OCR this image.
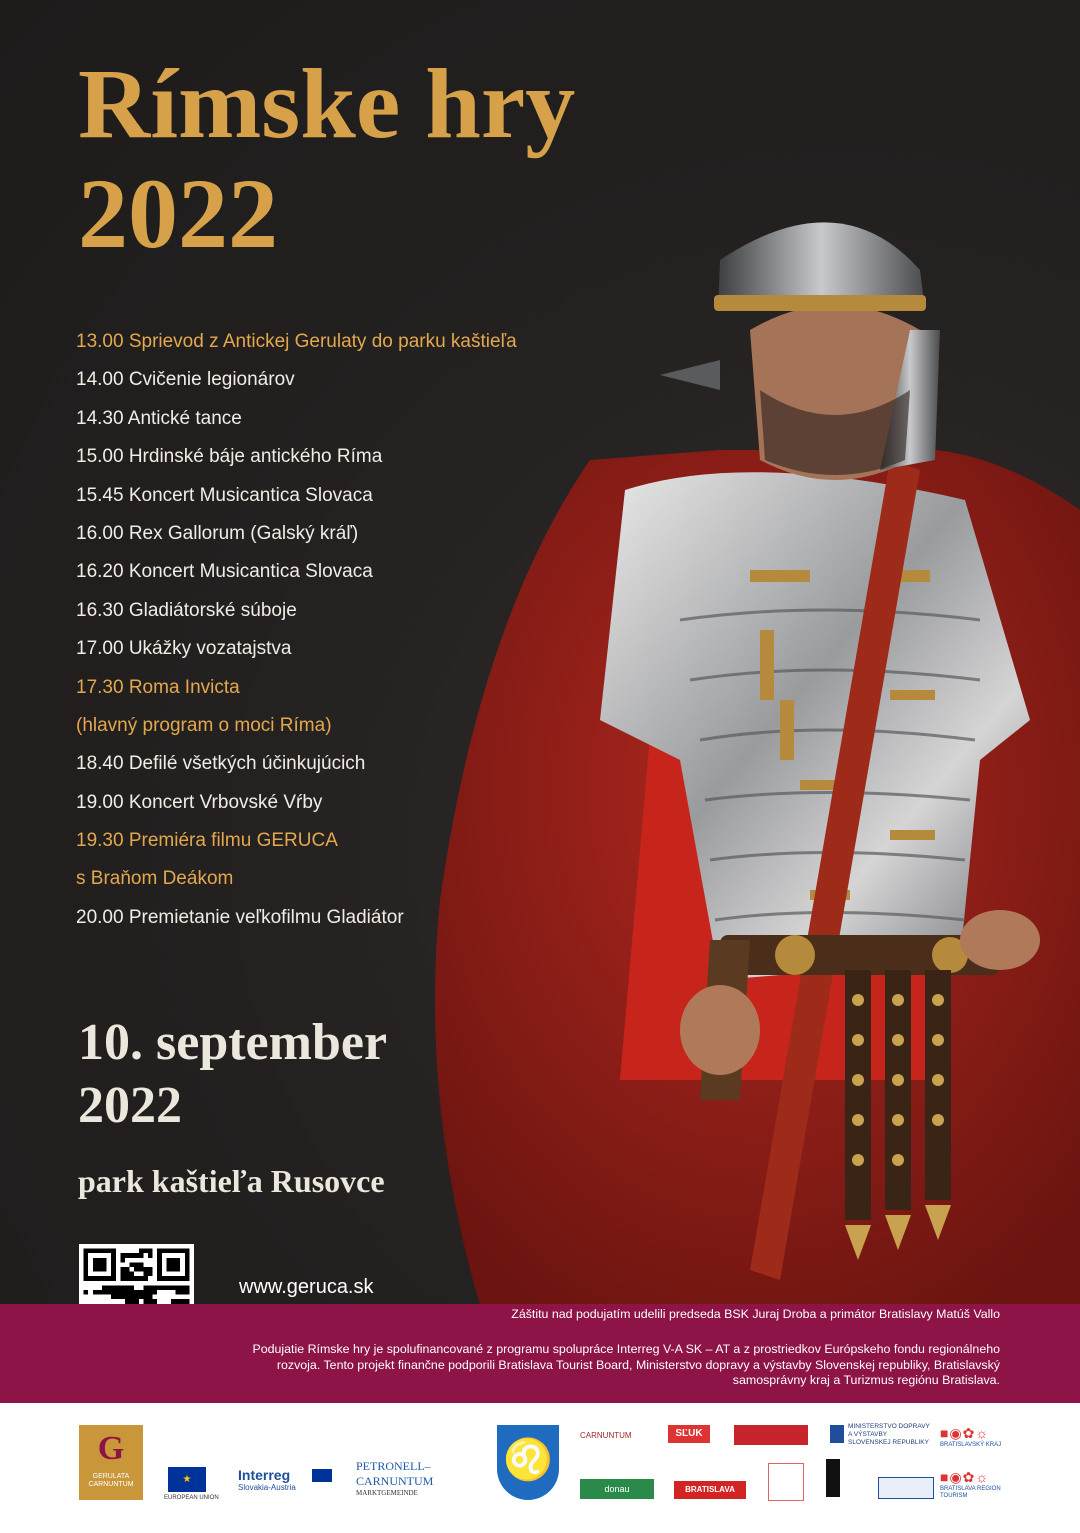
Rímske hry
2022
13.00 Sprievod z Antickej Gerulaty do parku kaštieľa
14.00 Cvičenie legionárov
14.30 Antické tance
15.00 Hrdinské báje antického Ríma
15.45 Koncert Musicantica Slovaca
16.00 Rex Gallorum (Galský kráľ)
16.20 Koncert Musicantica Slovaca
16.30 Gladiátorské súboje
17.00 Ukážky vozatajstva
17.30 Roma Invicta
(hlavný program o moci Ríma)
18.40 Defilé všetkých účinkujúcich
19.00 Koncert Vrbovské Vŕby
19.30 Premiéra filmu GERUCA
s Braňom Deákom
20.00 Premietanie veľkofilmu Gladiátor

10. september

2022

park kaštieľa Rusovce

www.geruca.sk

Záštitu nad podujatím udelili predseda BSK Juraj Droba a primátor Bratislavy Matúš Vallo

Podujatie Rímske hry je spolufinancované z programu spolupráce Interreg V-A SK – AT a z prostriedkov Európskeho fondu regionálneho rozvoja. Tento projekt finančne podporili Bratislava Tourist Board, Ministerstvo dopravy a výstavby Slovenskej republiky, Bratislavský samosprávny kraj a Turizmus regiónu Bratislava.

G
GERULATA CARNUNTUM	★
EUROPEAN UNION
Interreg
Slovakia-Austria
PETRONELL–
CARNUNTUM
MARKTGEMEINDE
♌
CARNUNTUM
donau
SĽUK
BRATISLAVA
MINISTERSTVO DOPRAVY A VÝSTAVBY SLOVENSKEJ REPUBLIKY
■◉✿☼
BRATISLAVSKÝ KRAJ
■◉✿☼
BRATISLAVA REGION TOURISM
